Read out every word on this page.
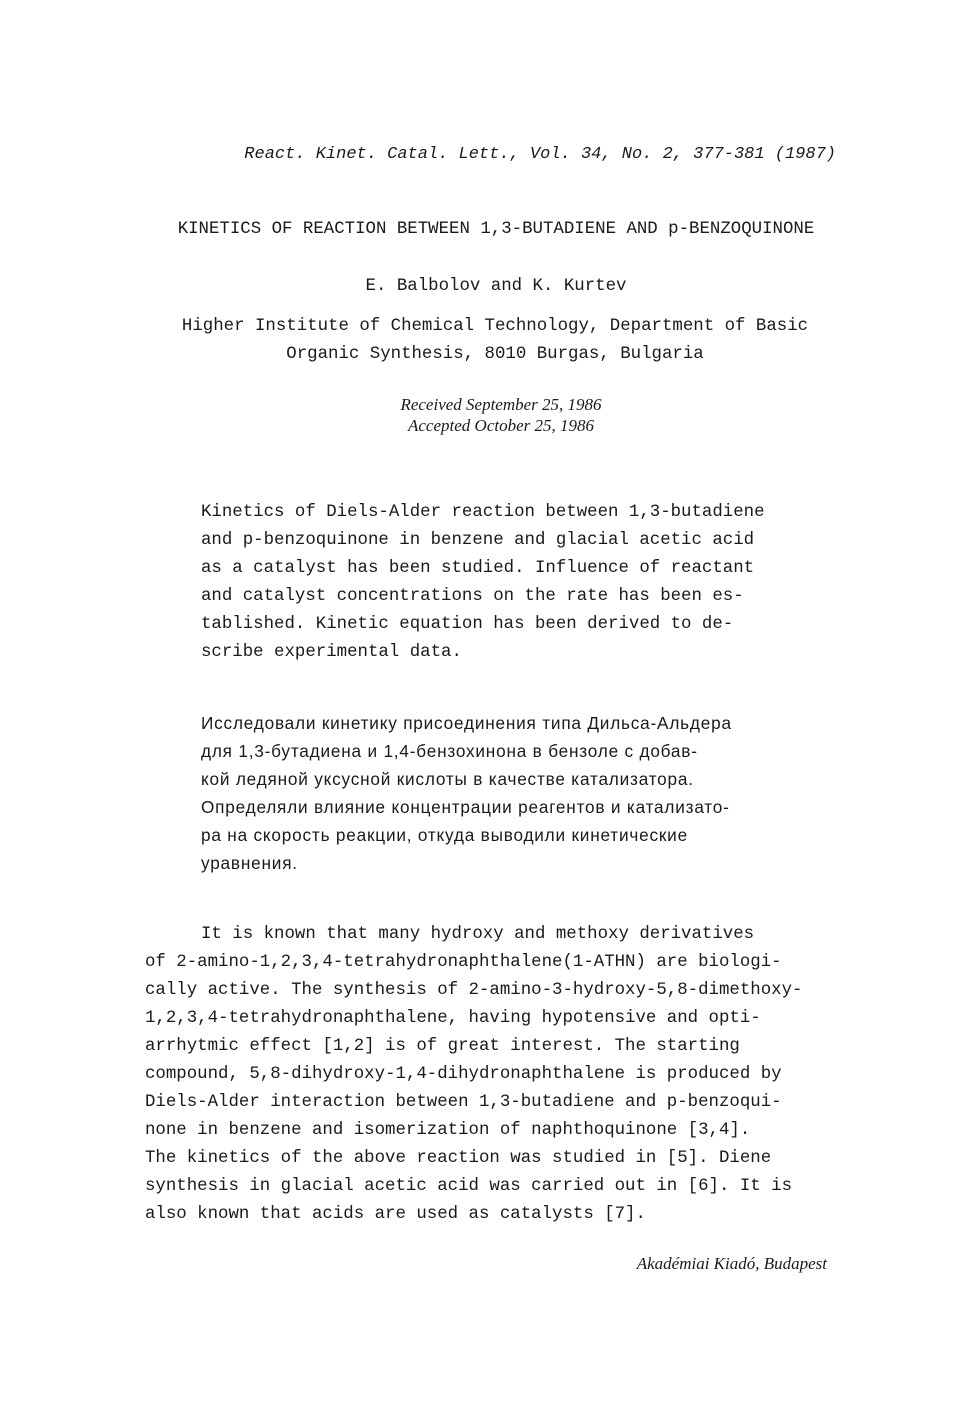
React. Kinet. Catal. Lett., Vol. 34, No. 2, 377-381 (1987)
KINETICS OF REACTION BETWEEN 1,3-BUTADIENE AND p-BENZOQUINONE
E. Balbolov and K. Kurtev
Higher Institute of Chemical Technology, Department of Basic
Organic Synthesis, 8010 Burgas, Bulgaria
Received September 25, 1986
Accepted October 25, 1986
Kinetics of Diels-Alder reaction between 1,3-butadiene
and p-benzoquinone in benzene and glacial acetic acid
as a catalyst has been studied. Influence of reactant
and catalyst concentrations on the rate has been es-
tablished. Kinetic equation has been derived to de-
scribe experimental data.
Исследовали кинетику присоединения типа Дильса-Альдера
для 1,3-бутадиена и 1,4-бензохинона в бензоле с добав-
кой ледяной уксусной кислоты в качестве катализатора.
Определяли влияние концентрации реагентов и катализато-
ра на скорость реакции, откуда выводили кинетические
уравнения.
It is known that many hydroxy and methoxy derivatives
of 2-amino-1,2,3,4-tetrahydronaphthalene(1-ATHN) are biologi-
cally active. The synthesis of 2-amino-3-hydroxy-5,8-dimethoxy-
1,2,3,4-tetrahydronaphthalene, having hypotensive and opti-
arrhytmic effect [1,2] is of great interest. The starting
compound, 5,8-dihydroxy-1,4-dihydronaphthalene is produced by
Diels-Alder interaction between 1,3-butadiene and p-benzoqui-
none in benzene and isomerization of naphthoquinone [3,4].
The kinetics of the above reaction was studied in [5]. Diene
synthesis in glacial acetic acid was carried out in [6]. It is
also known that acids are used as catalysts [7].
Akadémiai Kiadó, Budapest
